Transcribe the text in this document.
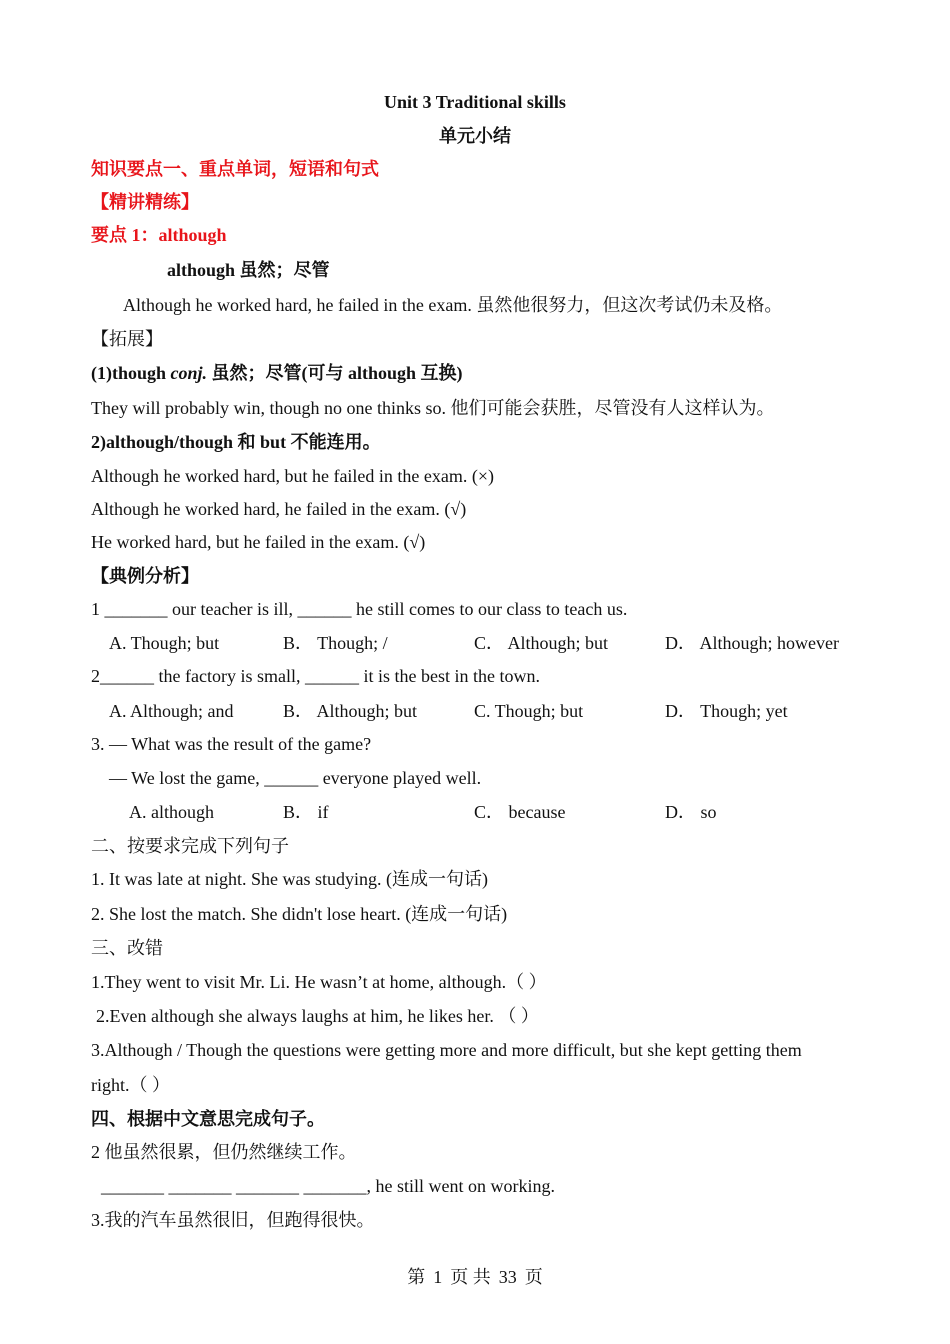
Unit 3 Traditional skills
单元小结
知识要点一、重点单词，短语和句式
【精讲精练】
要点 1：although
although 虽然；尽管
Although he worked hard, he failed in the exam. 虽然他很努力，但这次考试仍未及格。
【拓展】
(1)though conj. 虽然；尽管(可与 although 互换)
They will probably win, though no one thinks so. 他们可能会获胜，尽管没有人这样认为。
2)although/though 和 but 不能连用。
Although he worked hard, but he failed in the exam. (×)
Although he worked hard, he failed in the exam. (√)
He worked hard, but he failed in the exam. (√)
【典例分析】
1 _______ our teacher is ill, ______ he still comes to our class to teach us.
A. Though; but	B． Though; /	C． Although; but	D． Although; however
2______ the factory is small, ______ it is the best in the town.
A. Although; and	B． Although; but	C. Though; but	D． Though; yet
3. — What was the result of the game?
— We lost the game, ______ everyone played well.
A. although	B． if	C． because	D． so
二、按要求完成下列句子
1. It was late at night. She was studying. (连成一句话)
2. She lost the match. She didn't lose heart. (连成一句话)
三、改错
1.They went to visit Mr. Li. He wasn’t at home, although.（ ）
2.Even although she always laughs at him, he likes her. （ ）
3.Although / Though the questions were getting more and more difficult, but she kept getting them
right.（ ）
四、根据中文意思完成句子。
2 他虽然很累，但仍然继续工作。
_______ _______ _______ _______, he still went on working.
3.我的汽车虽然很旧，但跑得很快。
第 1 页 共 33 页
